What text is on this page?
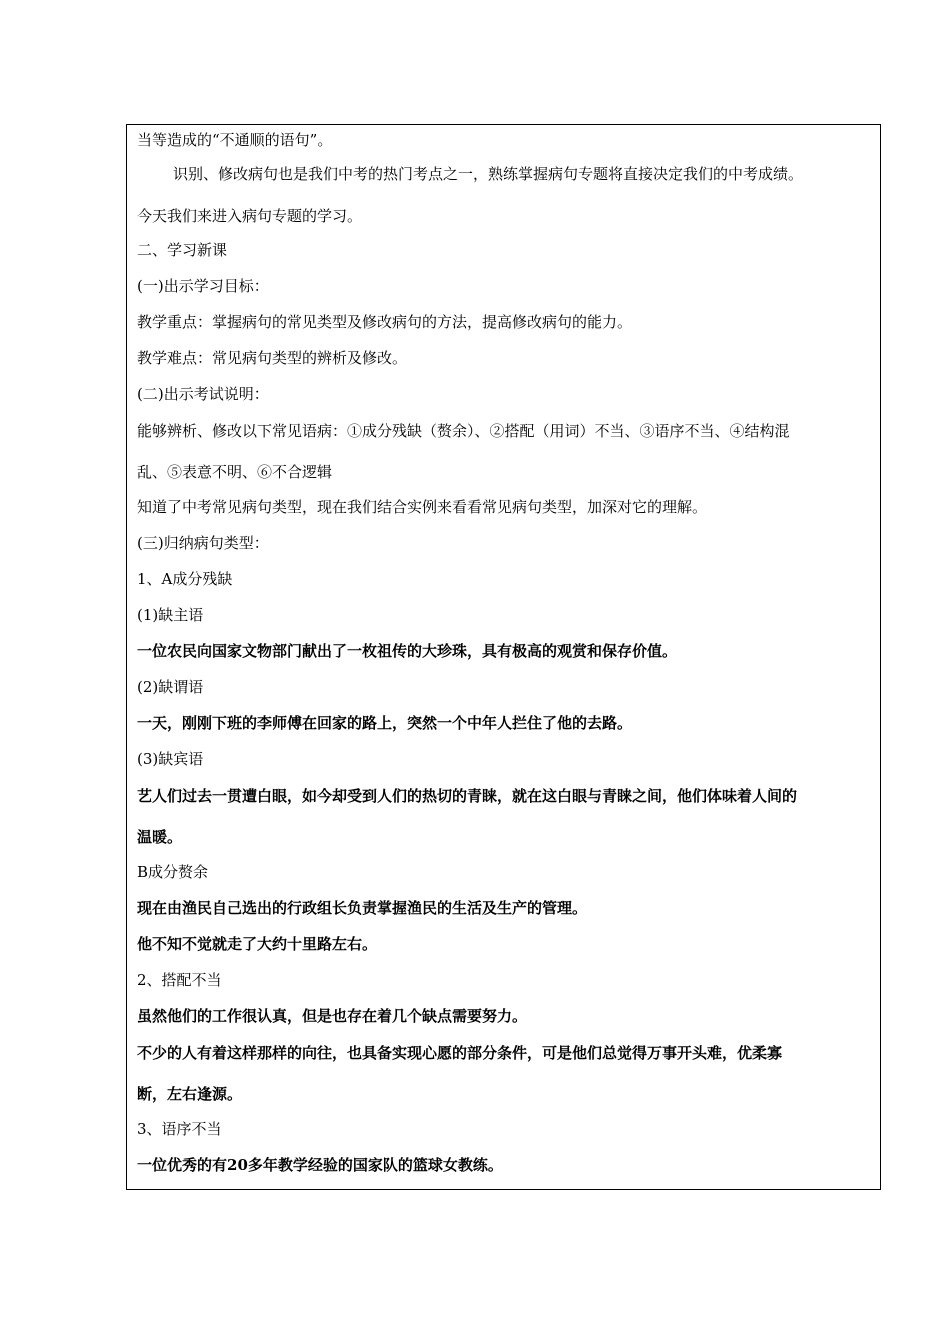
当等造成的“不通顺的语句”。
识别、修改病句也是我们中考的热门考点之一，熟练掌握病句专题将直接决定我们的中考成绩。
今天我们来进入病句专题的学习。
二、学习新课
(一)出示学习目标：
教学重点：掌握病句的常见类型及修改病句的方法，提高修改病句的能力。
教学难点：常见病句类型的辨析及修改。
(二)出示考试说明：
能够辨析、修改以下常见语病：①成分残缺（赘余）、②搭配（用词）不当、③语序不当、④结构混
乱、⑤表意不明、⑥不合逻辑
知道了中考常见病句类型，现在我们结合实例来看看常见病句类型，加深对它的理解。
(三)归纳病句类型：
1、A成分残缺
(1)缺主语
一位农民向国家文物部门献出了一枚祖传的大珍珠，具有极高的观赏和保存价值。
(2)缺谓语
一天，刚刚下班的李师傅在回家的路上，突然一个中年人拦住了他的去路。
(3)缺宾语
艺人们过去一贯遭白眼，如今却受到人们的热切的青睐，就在这白眼与青睐之间，他们体味着人间的
温暖。
B成分赘余
现在由渔民自己选出的行政组长负责掌握渔民的生活及生产的管理。
他不知不觉就走了大约十里路左右。
2、搭配不当
虽然他们的工作很认真，但是也存在着几个缺点需要努力。
不少的人有着这样那样的向往，也具备实现心愿的部分条件，可是他们总觉得万事开头难，优柔寡
断，左右逢源。
3、语序不当
一位优秀的有20多年教学经验的国家队的篮球女教练。
